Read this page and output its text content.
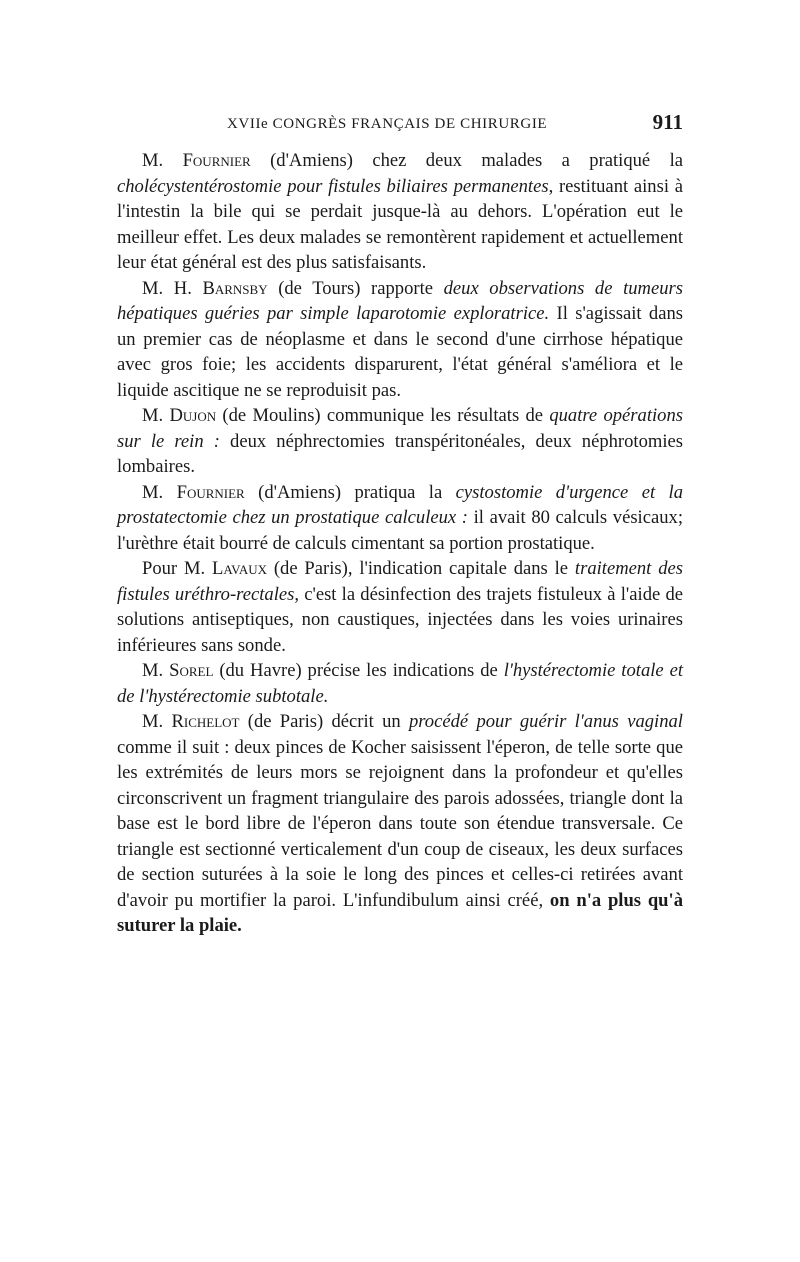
XVIIe CONGRÈS FRANÇAIS DE CHIRURGIE	911

M. Fournier (d'Amiens) chez deux malades a pratiqué la cholécystentérostomie pour fistules biliaires permanentes, restituant ainsi à l'intestin la bile qui se perdait jusque-là au dehors. L'opération eut le meilleur effet. Les deux malades se remontèrent rapidement et actuellement leur état général est des plus satisfaisants.

M. H. Barnsby (de Tours) rapporte deux observations de tumeurs hépatiques guéries par simple laparotomie exploratrice. Il s'agissait dans un premier cas de néoplasme et dans le second d'une cirrhose hépatique avec gros foie; les accidents disparurent, l'état général s'améliora et le liquide ascitique ne se reproduisit pas.

M. Dujon (de Moulins) communique les résultats de quatre opérations sur le rein : deux néphrectomies transpéritonéales, deux néphrotomies lombaires.

M. Fournier (d'Amiens) pratiqua la cystostomie d'urgence et la prostatectomie chez un prostatique calculeux : il avait 80 calculs vésicaux; l'urèthre était bourré de calculs cimentant sa portion prostatique.

Pour M. Lavaux (de Paris), l'indication capitale dans le traitement des fistules uréthro-rectales, c'est la désinfection des trajets fistuleux à l'aide de solutions antiseptiques, non caustiques, injectées dans les voies urinaires inférieures sans sonde.

M. Sorel (du Havre) précise les indications de l'hystérectomie totale et de l'hystérectomie subtotale.

M. Richelot (de Paris) décrit un procédé pour guérir l'anus vaginal comme il suit : deux pinces de Kocher saisissent l'éperon, de telle sorte que les extrémités de leurs mors se rejoignent dans la profondeur et qu'elles circonscrivent un fragment triangulaire des parois adossées, triangle dont la base est le bord libre de l'éperon dans toute son étendue transversale. Ce triangle est sectionné verticalement d'un coup de ciseaux, les deux surfaces de section suturées à la soie le long des pinces et celles-ci retirées avant d'avoir pu mortifier la paroi. L'infundibulum ainsi créé, on n'a plus qu'à suturer la plaie.
